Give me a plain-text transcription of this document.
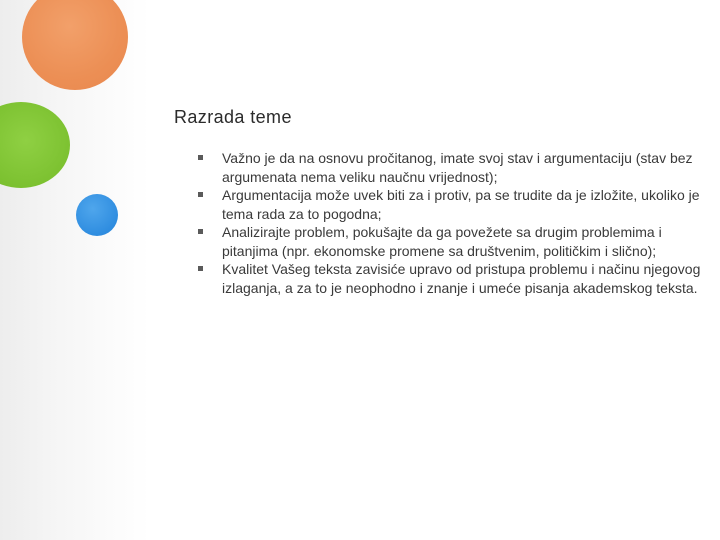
Razrada teme
Važno je da na osnovu pročitanog, imate svoj stav i argumentaciju (stav bez argumenata nema veliku naučnu vrijednost);
Argumentacija može uvek biti za i protiv, pa se trudite da je izložite, ukoliko je tema rada za to pogodna;
Analizirajte problem, pokušajte da ga povežete sa drugim problemima i pitanjima (npr. ekonomske promene sa društvenim, političkim i slično);
Kvalitet Vašeg teksta zavisiće upravo od pristupa problemu i načinu njegovog izlaganja, a za to je neophodno i znanje i umeće pisanja akademskog teksta.
